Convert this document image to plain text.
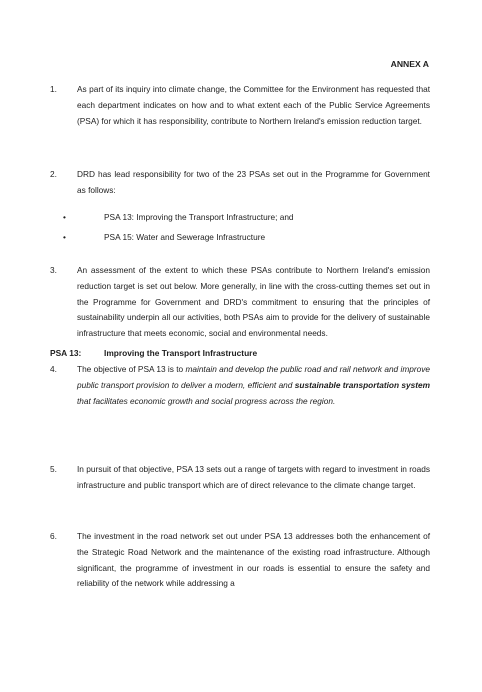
ANNEX A
1. As part of its inquiry into climate change, the Committee for the Environment has requested that each department indicates on how and to what extent each of the Public Service Agreements (PSA) for which it has responsibility, contribute to Northern Ireland's emission reduction target.
2. DRD has lead responsibility for two of the 23 PSAs set out in the Programme for Government as follows:
•	PSA 13: Improving the Transport Infrastructure; and
•	PSA 15: Water and Sewerage Infrastructure
3. An assessment of the extent to which these PSAs contribute to Northern Ireland's emission reduction target is set out below. More generally, in line with the cross-cutting themes set out in the Programme for Government and DRD's commitment to ensuring that the principles of sustainability underpin all our activities, both PSAs aim to provide for the delivery of sustainable infrastructure that meets economic, social and environmental needs.
PSA 13:	Improving the Transport Infrastructure
4. The objective of PSA 13 is to maintain and develop the public road and rail network and improve public transport provision to deliver a modern, efficient and sustainable transportation system that facilitates economic growth and social progress across the region.
5. In pursuit of that objective, PSA 13 sets out a range of targets with regard to investment in roads infrastructure and public transport which are of direct relevance to the climate change target.
6. The investment in the road network set out under PSA 13 addresses both the enhancement of the Strategic Road Network and the maintenance of the existing road infrastructure. Although significant, the programme of investment in our roads is essential to ensure the safety and reliability of the network while addressing a
